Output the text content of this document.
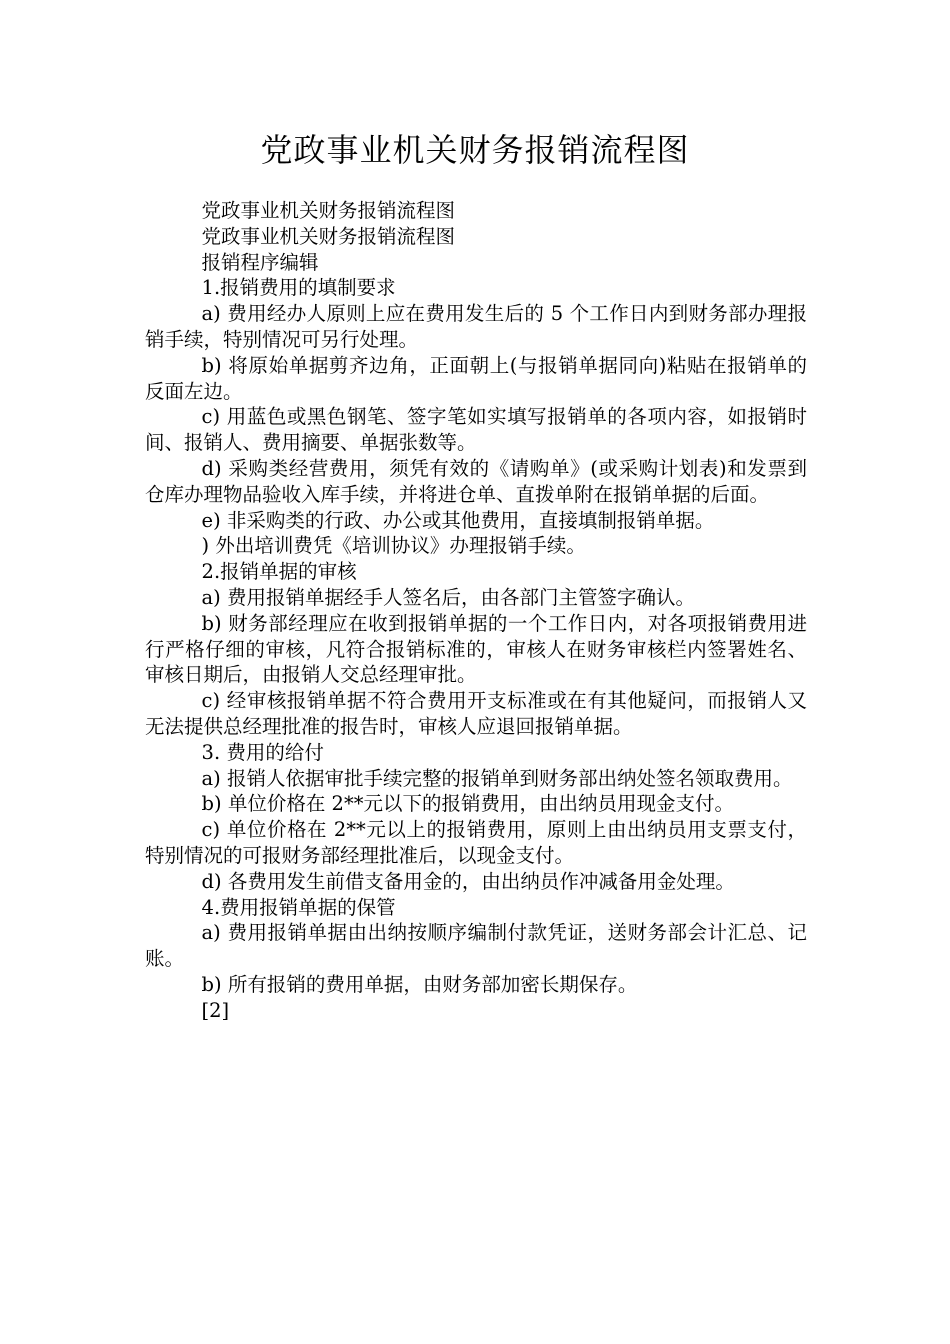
党政事业机关财务报销流程图

党政事业机关财务报销流程图

党政事业机关财务报销流程图

报销程序编辑

1.报销费用的填制要求

a) 费用经办人原则上应在费用发生后的 5 个工作日内到财务部办理报销手续，特别情况可另行处理。

b) 将原始单据剪齐边角，正面朝上(与报销单据同向)粘贴在报销单的反面左边。

c) 用蓝色或黑色钢笔、签字笔如实填写报销单的各项内容，如报销时间、报销人、费用摘要、单据张数等。

d) 采购类经营费用，须凭有效的《请购单》(或采购计划表)和发票到仓库办理物品验收入库手续，并将进仓单、直拨单附在报销单据的后面。

e) 非采购类的行政、办公或其他费用，直接填制报销单据。

) 外出培训费凭《培训协议》办理报销手续。

2.报销单据的审核

a) 费用报销单据经手人签名后，由各部门主管签字确认。

b) 财务部经理应在收到报销单据的一个工作日内，对各项报销费用进行严格仔细的审核，凡符合报销标准的，审核人在财务审核栏内签署姓名、审核日期后，由报销人交总经理审批。

c) 经审核报销单据不符合费用开支标准或在有其他疑问，而报销人又无法提供总经理批准的报告时，审核人应退回报销单据。

3. 费用的给付

a) 报销人依据审批手续完整的报销单到财务部出纳处签名领取费用。

b) 单位价格在 2**元以下的报销费用，由出纳员用现金支付。

c) 单位价格在 2**元以上的报销费用，原则上由出纳员用支票支付，特别情况的可报财务部经理批准后，以现金支付。

d) 各费用发生前借支备用金的，由出纳员作冲减备用金处理。

4.费用报销单据的保管

a) 费用报销单据由出纳按顺序编制付款凭证，送财务部会计汇总、记账。

b) 所有报销的费用单据，由财务部加密长期保存。

[2]
